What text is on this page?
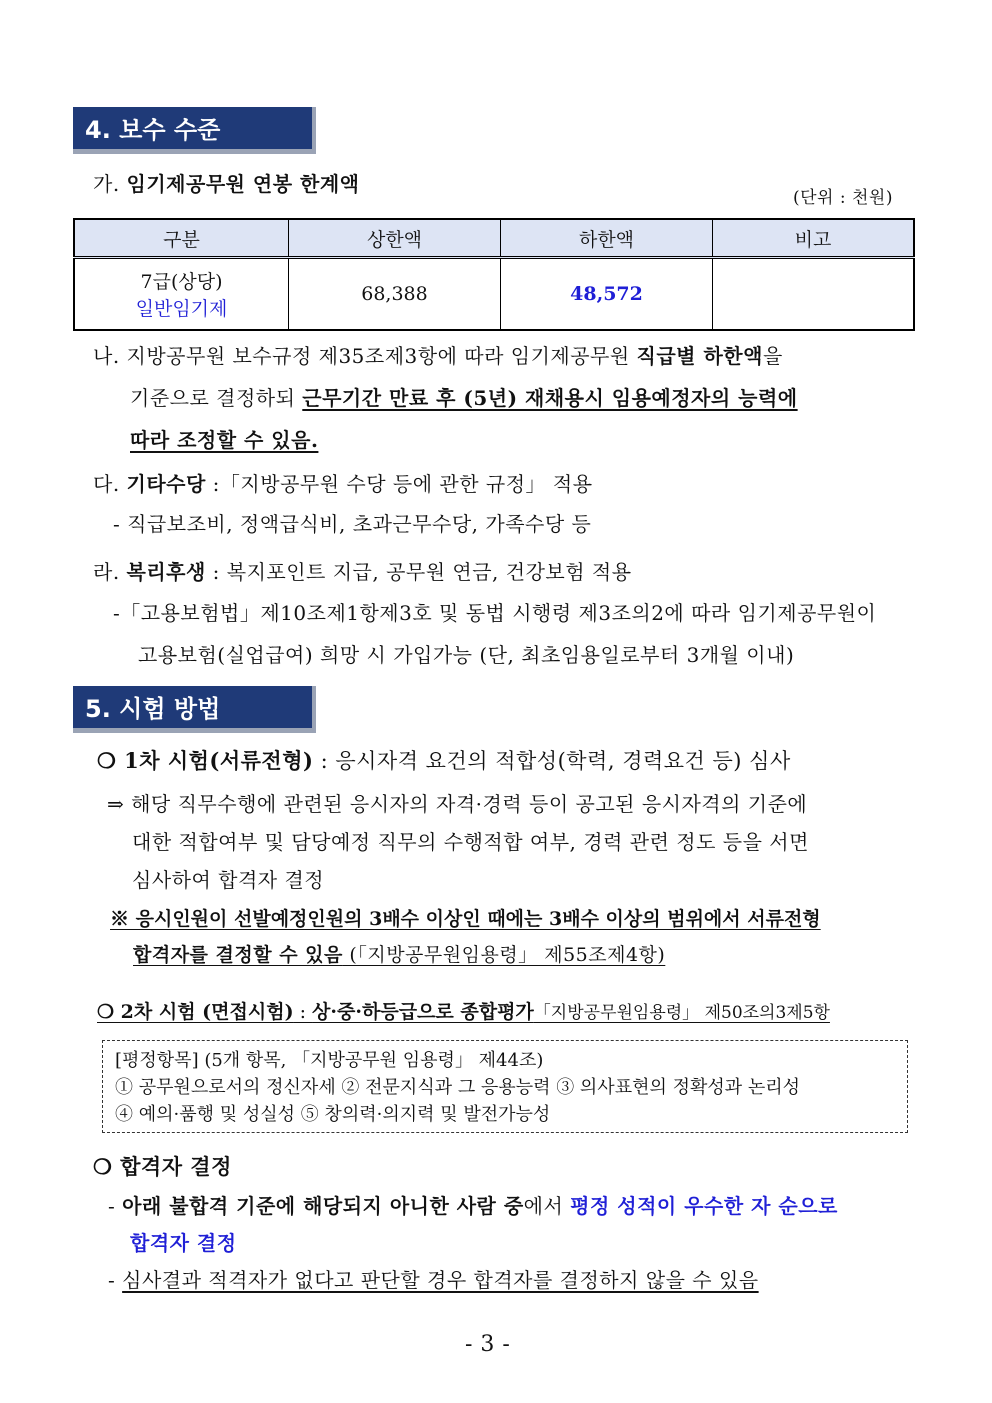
4. 보수 수준
가. 임기제공무원 연봉 한계액
(단위 : 천원)
구분	상한액	하한액	비고

7급(상당)
일반임기제	68,388	48,572	
나. 지방공무원 보수규정 제35조제3항에 따라 임기제공무원 직급별 하한액을
기준으로 결정하되 근무기간 만료 후 (5년) 재채용시 임용예정자의 능력에
따라 조정할 수 있음.
다. 기타수당 :「지방공무원 수당 등에 관한 규정」 적용
- 직급보조비, 정액급식비, 초과근무수당, 가족수당 등
라. 복리후생 : 복지포인트 지급, 공무원 연금, 건강보험 적용
-「고용보험법」제10조제1항제3호 및 동법 시행령 제3조의2에 따라 임기제공무원이
고용보험(실업급여) 희망 시 가입가능 (단, 최초임용일로부터 3개월 이내)
5. 시험 방법
❍ 1차 시험(서류전형) : 응시자격 요건의 적합성(학력, 경력요건 등) 심사
⇒ 해당 직무수행에 관련된 응시자의 자격·경력 등이 공고된 응시자격의 기준에
대한 적합여부 및 담당예정 직무의 수행적합 여부, 경력 관련 정도 등을 서면
심사하여 합격자 결정
※ 응시인원이 선발예정인원의 3배수 이상인 때에는 3배수 이상의 범위에서 서류전형
합격자를 결정할 수 있음 (「지방공무원임용령」 제55조제4항)
❍ 2차 시험 (면접시험) : 상·중·하등급으로 종합평가「지방공무원임용령」 제50조의3제5항
[평정항목] (5개 항목, 「지방공무원 임용령」 제44조)
① 공무원으로서의 정신자세 ② 전문지식과 그 응용능력 ③ 의사표현의 정확성과 논리성
④ 예의·품행 및 성실성 ⑤ 창의력·의지력 및 발전가능성
❍ 합격자 결정
- 아래 불합격 기준에 해당되지 아니한 사람 중에서 평정 성적이 우수한 자 순으로
합격자 결정
- 심사결과 적격자가 없다고 판단할 경우 합격자를 결정하지 않을 수 있음
- 3 -
